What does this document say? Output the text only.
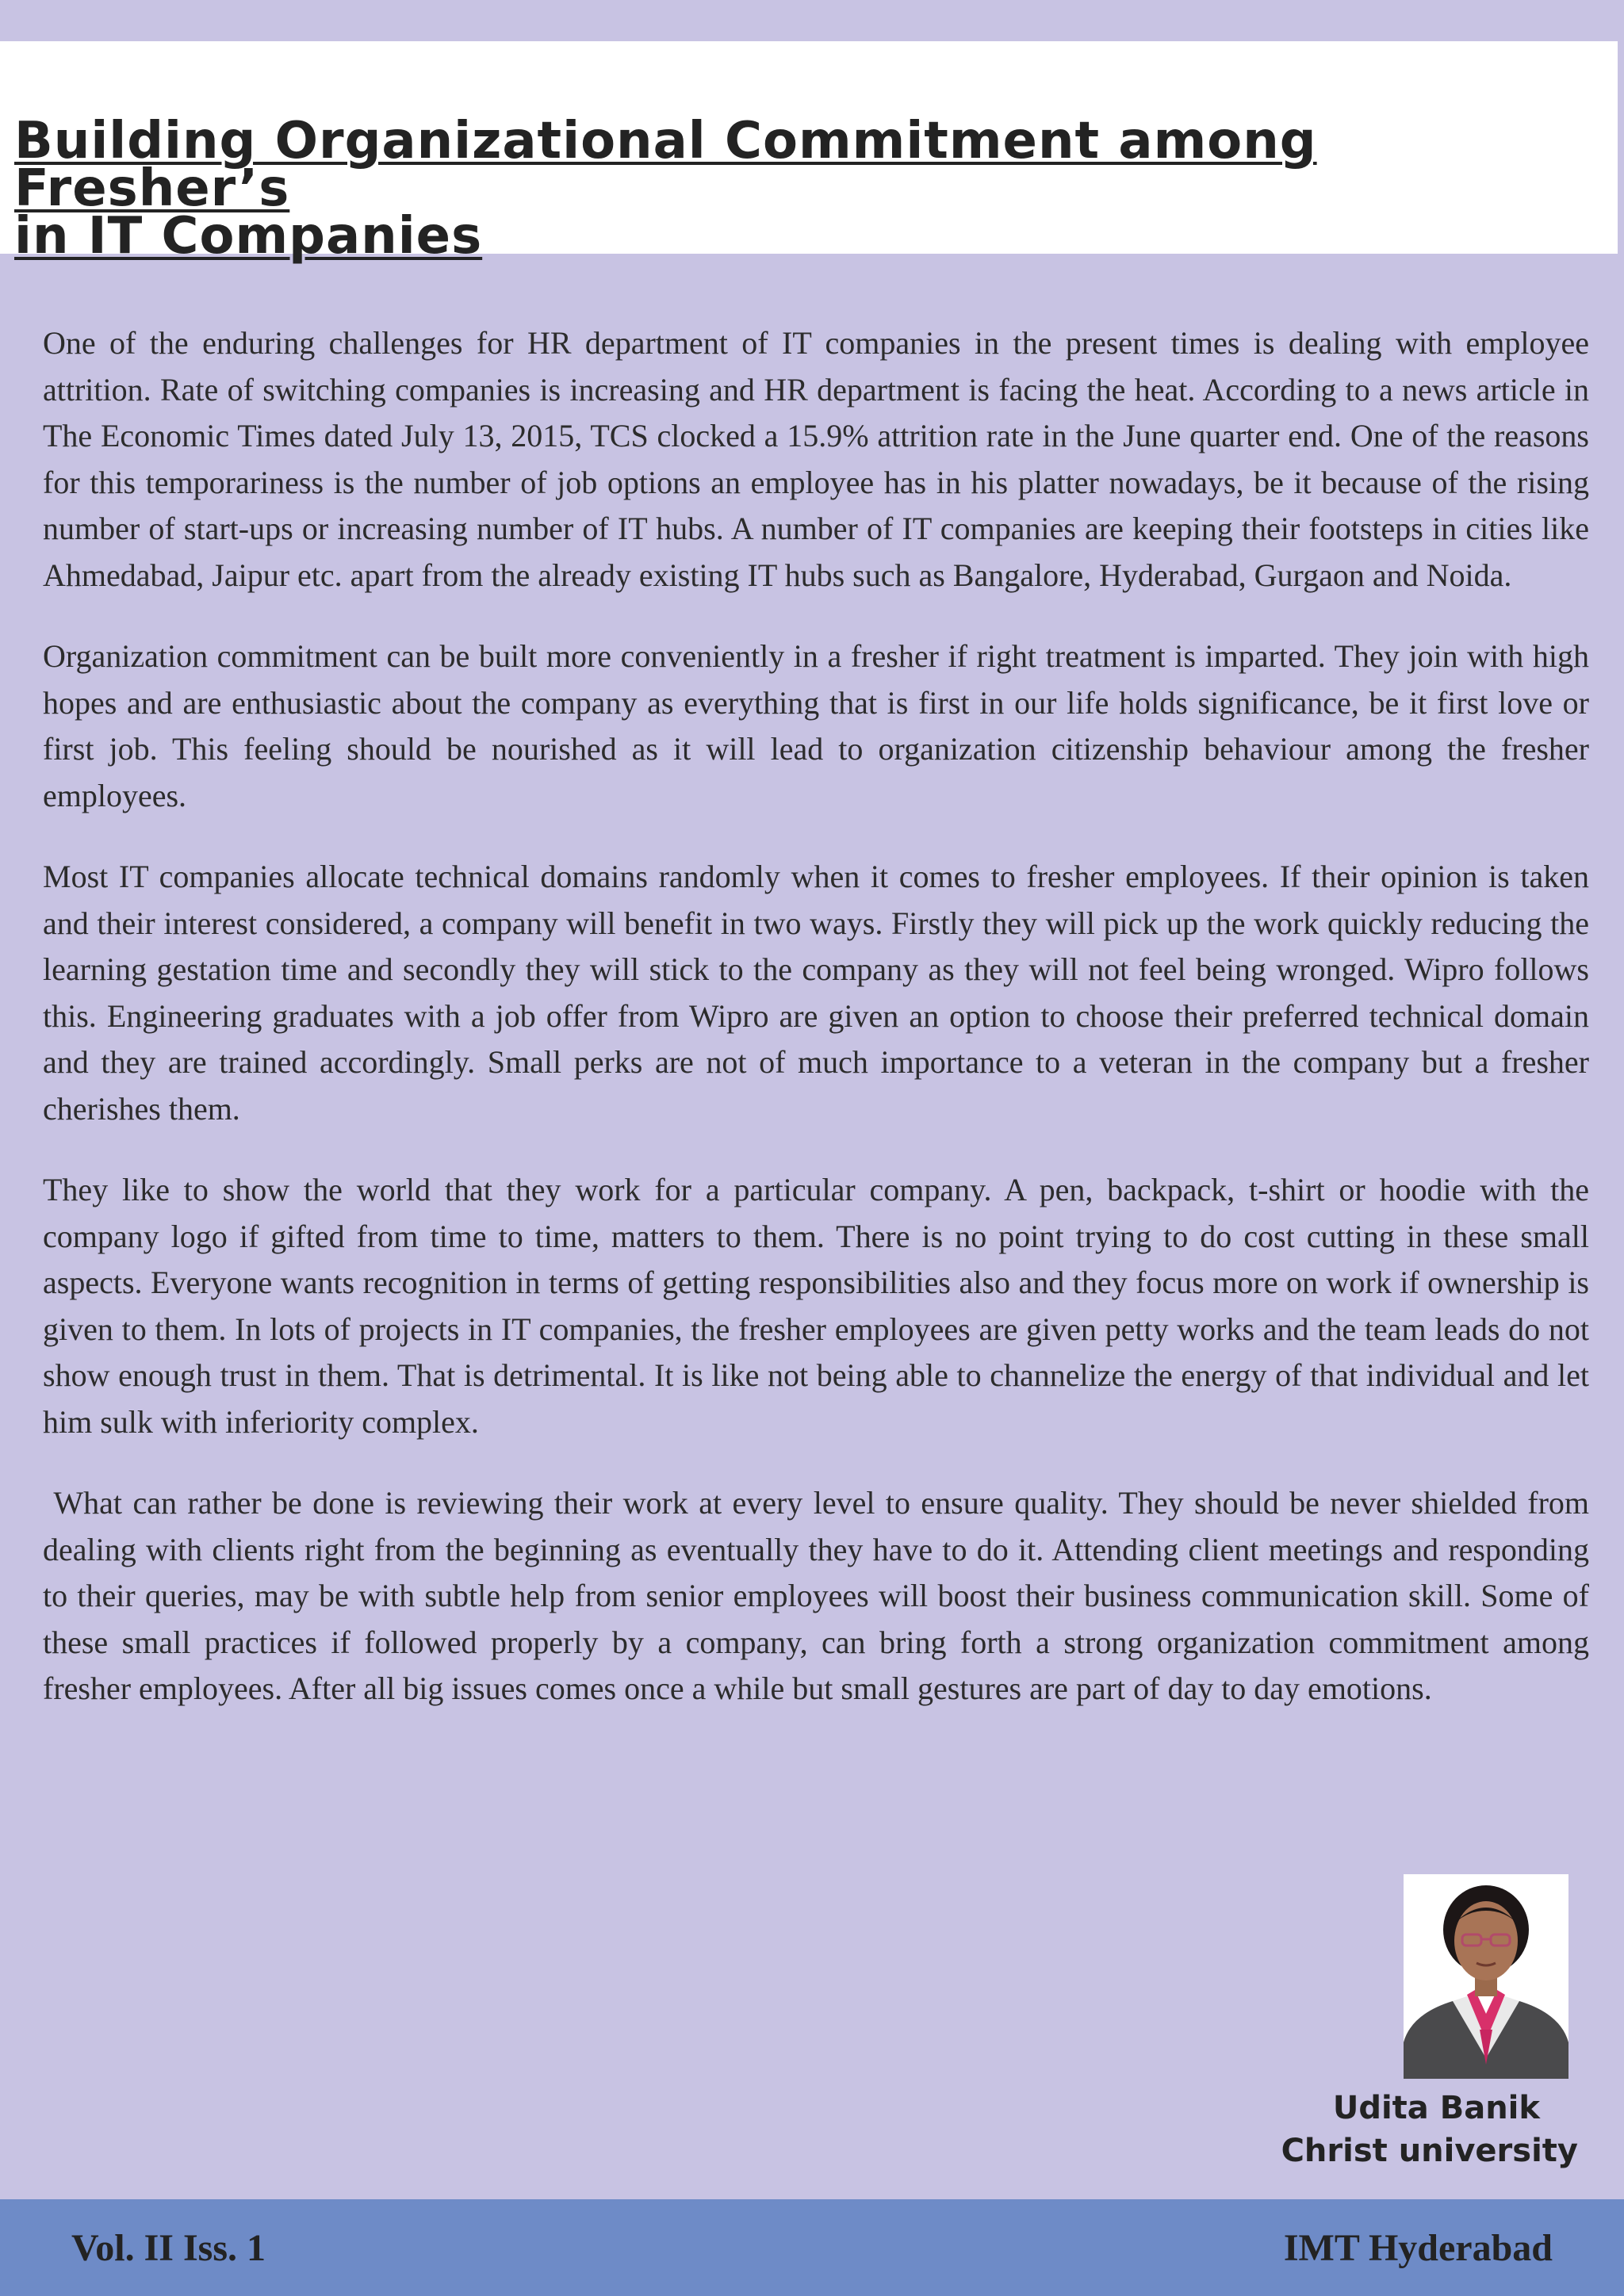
Building Organizational Commitment among Fresher’s
in IT Companies

One of the enduring challenges for HR department of IT companies in the present times is dealing with employee attrition. Rate of switching companies is increasing and HR department is facing the heat. According to a news article in The Economic Times dated July 13, 2015, TCS clocked a 15.9% attrition rate in the June quarter end. One of the reasons for this temporariness is the number of job options an employee has in his platter nowadays, be it because of the rising number of start-ups or increasing number of IT hubs. A number of IT companies are keeping their footsteps in cities like Ahmedabad, Jaipur etc. apart from the already existing IT hubs such as Bangalore, Hyderabad, Gurgaon and Noida.

Organization commitment can be built more conveniently in a fresher if right treatment is imparted. They join with high hopes and are enthusiastic about the company as everything that is first in our life holds significance, be it first love or first job. This feeling should be nourished as it will lead to organization citizenship behaviour among the fresher employees.

Most IT companies allocate technical domains randomly when it comes to fresher employees. If their opinion is taken and their interest considered, a company will benefit in two ways. Firstly they will pick up the work quickly reducing the learning gestation time and secondly they will stick to the company as they will not feel being wronged. Wipro follows this. Engineering graduates with a job offer from Wipro are given an option to choose their preferred technical domain and they are trained accordingly. Small perks are not of much importance to a veteran in the company but a fresher cherishes them.

They like to show the world that they work for a particular company. A pen, backpack, t-shirt or hoodie with the company logo if gifted from time to time, matters to them. There is no point trying to do cost cutting in these small aspects. Everyone wants recognition in terms of getting responsibilities also and they focus more on work if ownership is given to them. In lots of projects in IT companies, the fresher employees are given petty works and the team leads do not show enough trust in them. That is detrimental. It is like not being able to channelize the energy of that individual and let him sulk with inferiority complex.

What can rather be done is reviewing their work at every level to ensure quality. They should be never shielded from dealing with clients right from the beginning as eventually they have to do it. Attending client meetings and responding to their queries, may be with subtle help from senior employees will boost their business communication skill. Some of these small practices if followed properly by a company, can bring forth a strong organization commitment among fresher employees. After all big issues comes once a while but small gestures are part of day to day emotions.

Udita Banik
Christ university
Vol. II Iss. 1	IMT Hyderabad
